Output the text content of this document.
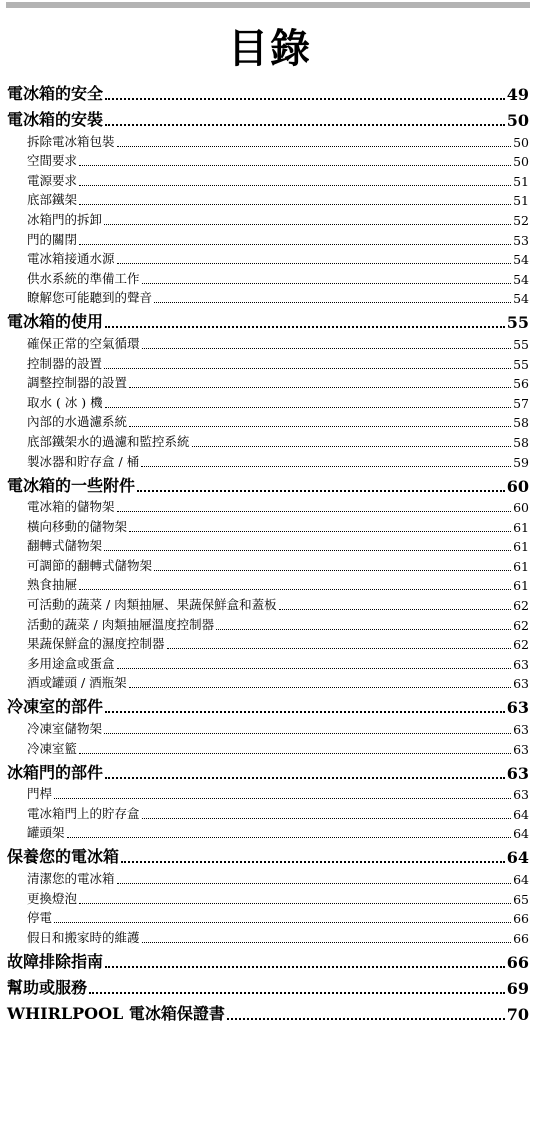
目錄
電冰箱的安全	49
電冰箱的安裝	50
拆除電冰箱包裝	50
空間要求	50
電源要求	51
底部鐵架	51
冰箱門的拆卸	52
門的關閉	53
電冰箱接通水源	54
供水系統的準備工作	54
瞭解您可能聽到的聲音	54
電冰箱的使用	55
確保正常的空氣循環	55
控制器的設置	55
調整控制器的設置	56
取水 ( 冰 ) 機	57
內部的水過濾系統	58
底部鐵架水的過濾和監控系統	58
製冰器和貯存盒 / 桶	59
電冰箱的一些附件	60
電冰箱的儲物架	60
橫向移動的儲物架	61
翻轉式儲物架	61
可調節的翻轉式儲物架	61
熟食抽屜	61
可活動的蔬菜 / 肉類抽屜、果蔬保鮮盒和蓋板	62
活動的蔬菜 / 肉類抽屜溫度控制器	62
果蔬保鮮盒的濕度控制器	62
多用途盒或蛋盒	63
酒或罐頭 / 酒瓶架	63
冷凍室的部件	63
冷凍室儲物架	63
冷凍室籃	63
冰箱門的部件	63
門桿	63
電冰箱門上的貯存盒	64
罐頭架	64
保養您的電冰箱	64
清潔您的電冰箱	64
更換燈泡	65
停電	66
假日和搬家時的維護	66
故障排除指南	66
幫助或服務	69
WHIRLPOOL 電冰箱保證書	70
